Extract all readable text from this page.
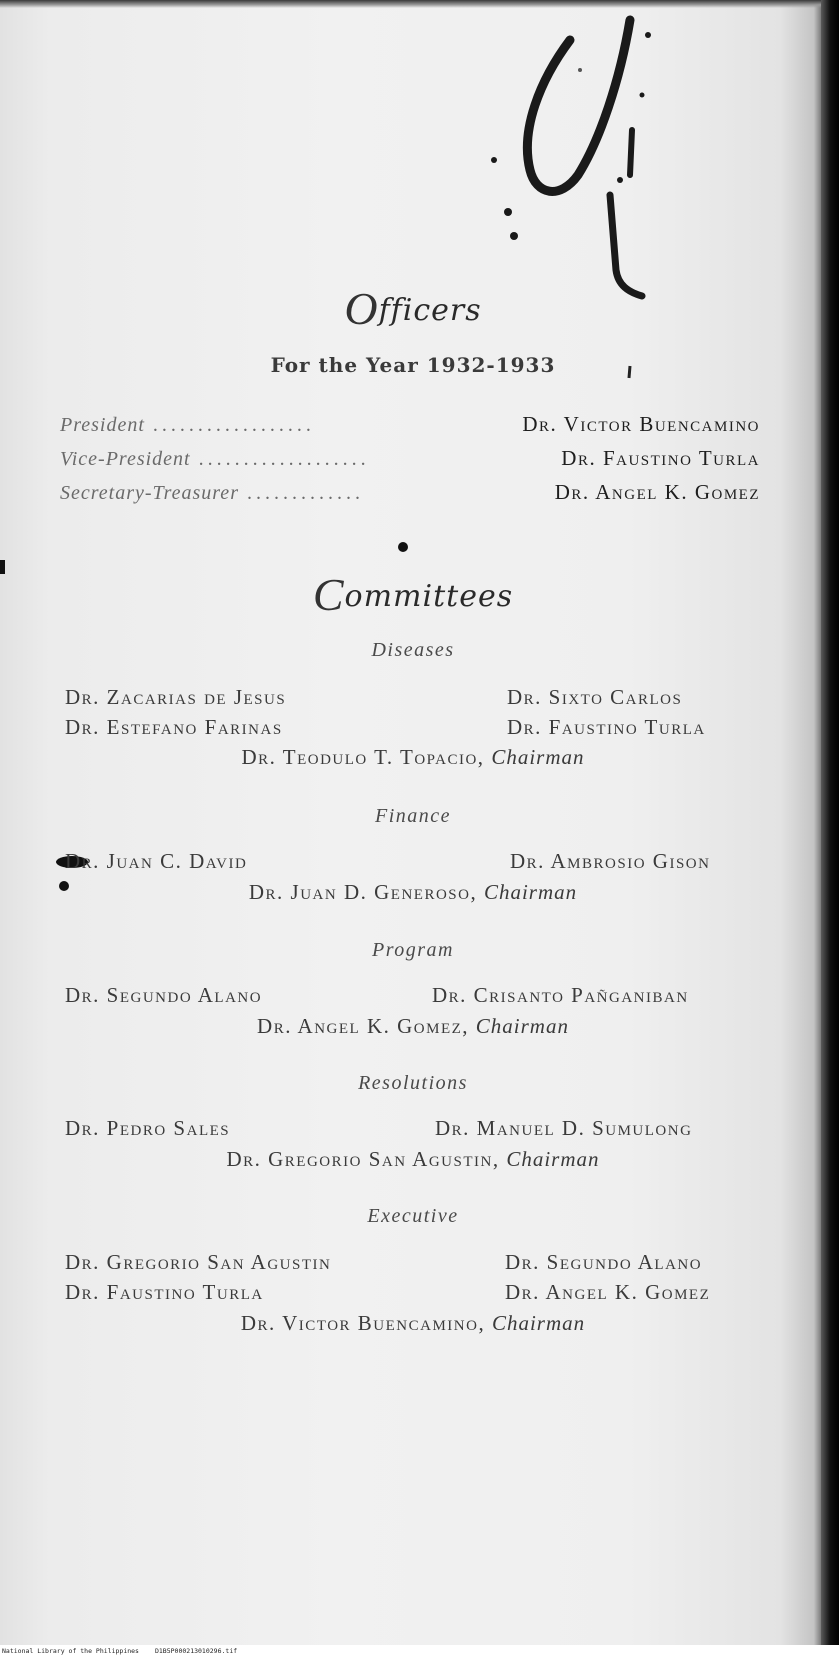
Officers
For the Year 1932-1933
President ..................	Dr. Victor Buencamino
Vice-President ...................	Dr. Faustino Turla
Secretary-Treasurer .............	Dr. Angel K. Gomez
Committees
Diseases
Dr. Zacarias de Jesus	Dr. Sixto Carlos
Dr. Estefano Farinas	Dr. Faustino Turla
Dr. Teodulo T. Topacio, Chairman
Finance
Dr. Juan C. David	Dr. Ambrosio Gison
Dr. Juan D. Generoso, Chairman
Program
Dr. Segundo Alano	Dr. Crisanto Pañganiban
Dr. Angel K. Gomez, Chairman
Resolutions
Dr. Pedro Sales	Dr. Manuel D. Sumulong
Dr. Gregorio San Agustin, Chairman
Executive
Dr. Gregorio San Agustin	Dr. Segundo Alano
Dr. Faustino Turla	Dr. Angel K. Gomez
Dr. Victor Buencamino, Chairman
National Library of the Philippines D1B5P000213010296.tif
